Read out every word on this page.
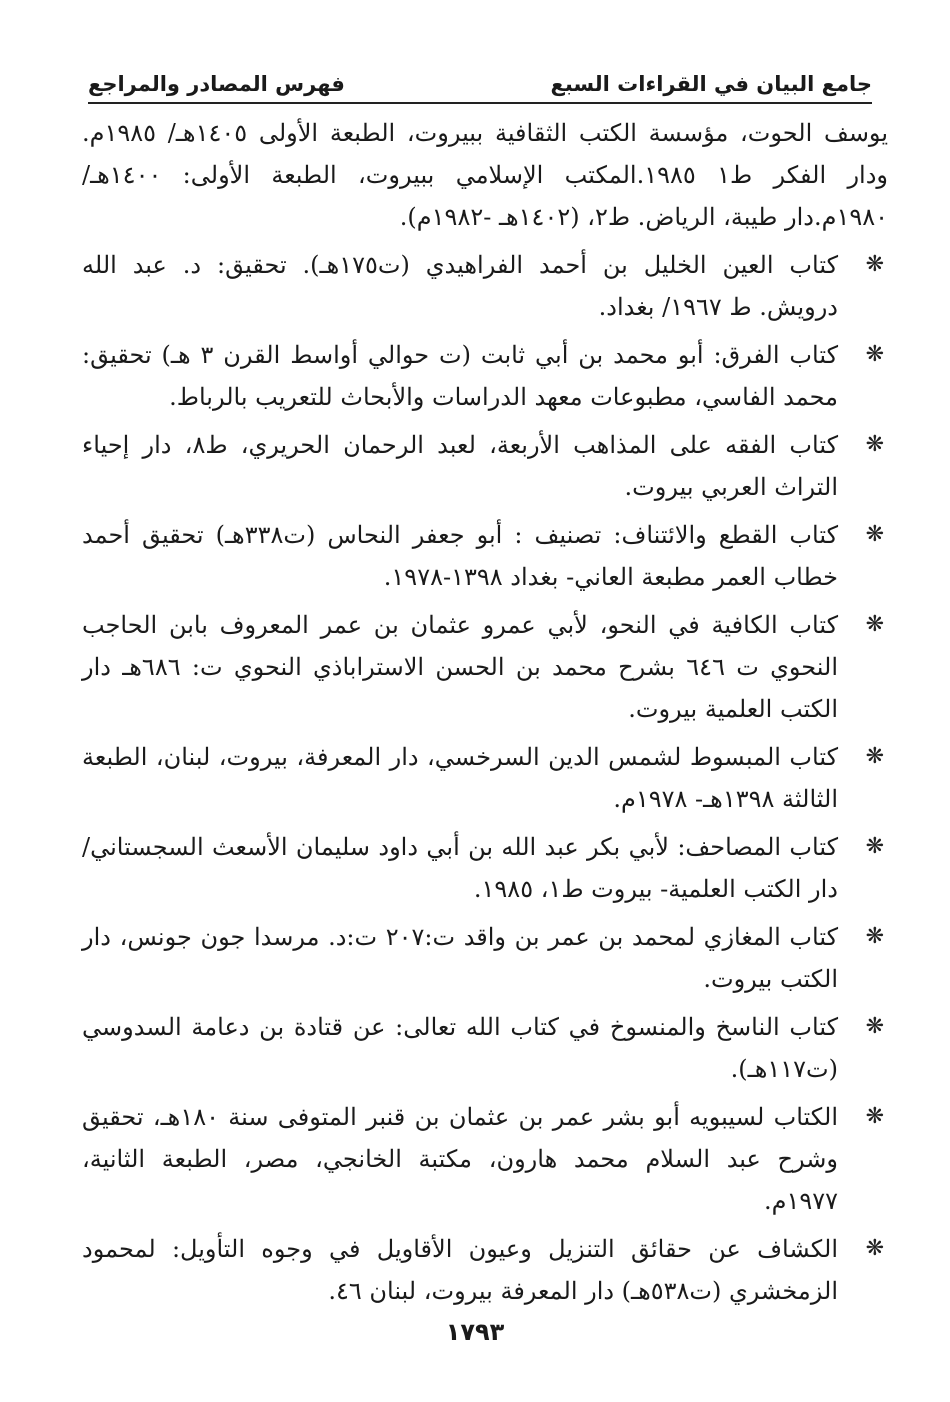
جامع البيان في القراءات السبع
فهرس المصادر والمراجع

يوسف الحوت، مؤسسة الكتب الثقافية ببيروت، الطبعة الأولى ١٤٠٥هـ/ ١٩٨٥م. ودار الفكر ط١ ١٩٨٥.المكتب الإسلامي ببيروت، الطبعة الأولى: ١٤٠٠هـ/ ١٩٨٠م.دار طيبة، الرياض. ط٢، (١٤٠٢هـ -١٩٨٢م).

❋
كتاب العين الخليل بن أحمد الفراهيدي (ت١٧٥هـ). تحقيق: د. عبد الله درويش. ط ١٩٦٧/ بغداد.
❋
كتاب الفرق: أبو محمد بن أبي ثابت (ت حوالي أواسط القرن ٣ هـ) تحقيق: محمد الفاسي، مطبوعات معهد الدراسات والأبحاث للتعريب بالرباط.
❋
كتاب الفقه على المذاهب الأربعة، لعبد الرحمان الحريري، ط٨، دار إحياء التراث العربي بيروت.
❋
كتاب القطع والائتناف: تصنيف : أبو جعفر النحاس (ت٣٣٨هـ) تحقيق أحمد خطاب العمر مطبعة العاني- بغداد ١٣٩٨-١٩٧٨.
❋
كتاب الكافية في النحو، لأبي عمرو عثمان بن عمر المعروف بابن الحاجب النحوي ت ٦٤٦ بشرح محمد بن الحسن الاستراباذي النحوي ت: ٦٨٦هـ دار الكتب العلمية بيروت.
❋
كتاب المبسوط لشمس الدين السرخسي، دار المعرفة، بيروت، لبنان، الطبعة الثالثة ١٣٩٨هـ- ١٩٧٨م.
❋
كتاب المصاحف: لأبي بكر عبد الله بن أبي داود سليمان الأسعث السجستاني/ دار الكتب العلمية- بيروت ط١، ١٩٨٥.
❋
كتاب المغازي لمحمد بن عمر بن واقد ت:٢٠٧ ت:د. مرسدا جون جونس، دار الكتب بيروت.
❋
كتاب الناسخ والمنسوخ في كتاب الله تعالى: عن قتادة بن دعامة السدوسي (ت١١٧هـ).
❋
الكتاب لسيبويه أبو بشر عمر بن عثمان بن قنبر المتوفى سنة ١٨٠هـ، تحقيق وشرح عبد السلام محمد هارون، مكتبة الخانجي، مصر، الطبعة الثانية، ١٩٧٧م.
❋
الكشاف عن حقائق التنزيل وعيون الأقاويل في وجوه التأويل: لمحمود الزمخشري (ت٥٣٨هـ) دار المعرفة بيروت، لبنان ٤٦.
١٧٩٣
